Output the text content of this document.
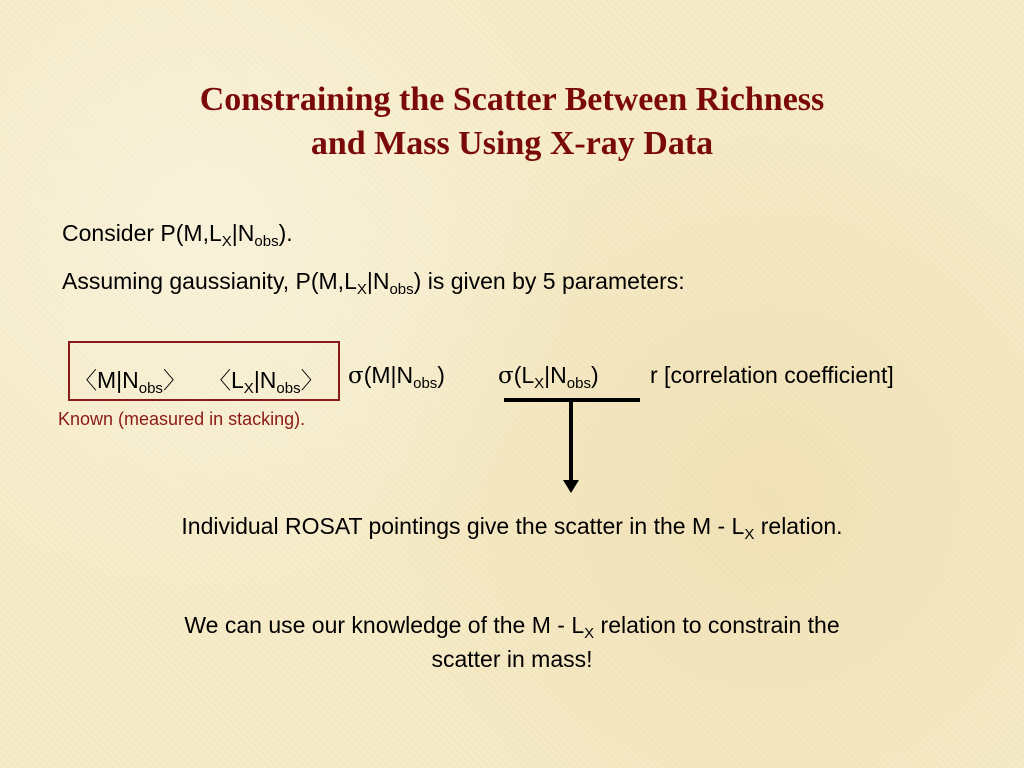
Constraining the Scatter Between Richness
and Mass Using X-ray Data
Consider $P(M,L_X|N_{obs})$.
Assuming gaussianity, $P(M,L_X|N_{obs})$ is given by 5 parameters:
〈$M|N_{obs}$〉 〈$L_X|N_{obs}$〉 $\sigma(M|N_{obs})$ $\sigma(L_X|N_{obs})$ r [correlation coefficient]
Known (measured in stacking).
Individual ROSAT pointings give the scatter in the M - $L_X$ relation.
We can use our knowledge of the M - $L_X$ relation to constrain the
scatter in mass!
